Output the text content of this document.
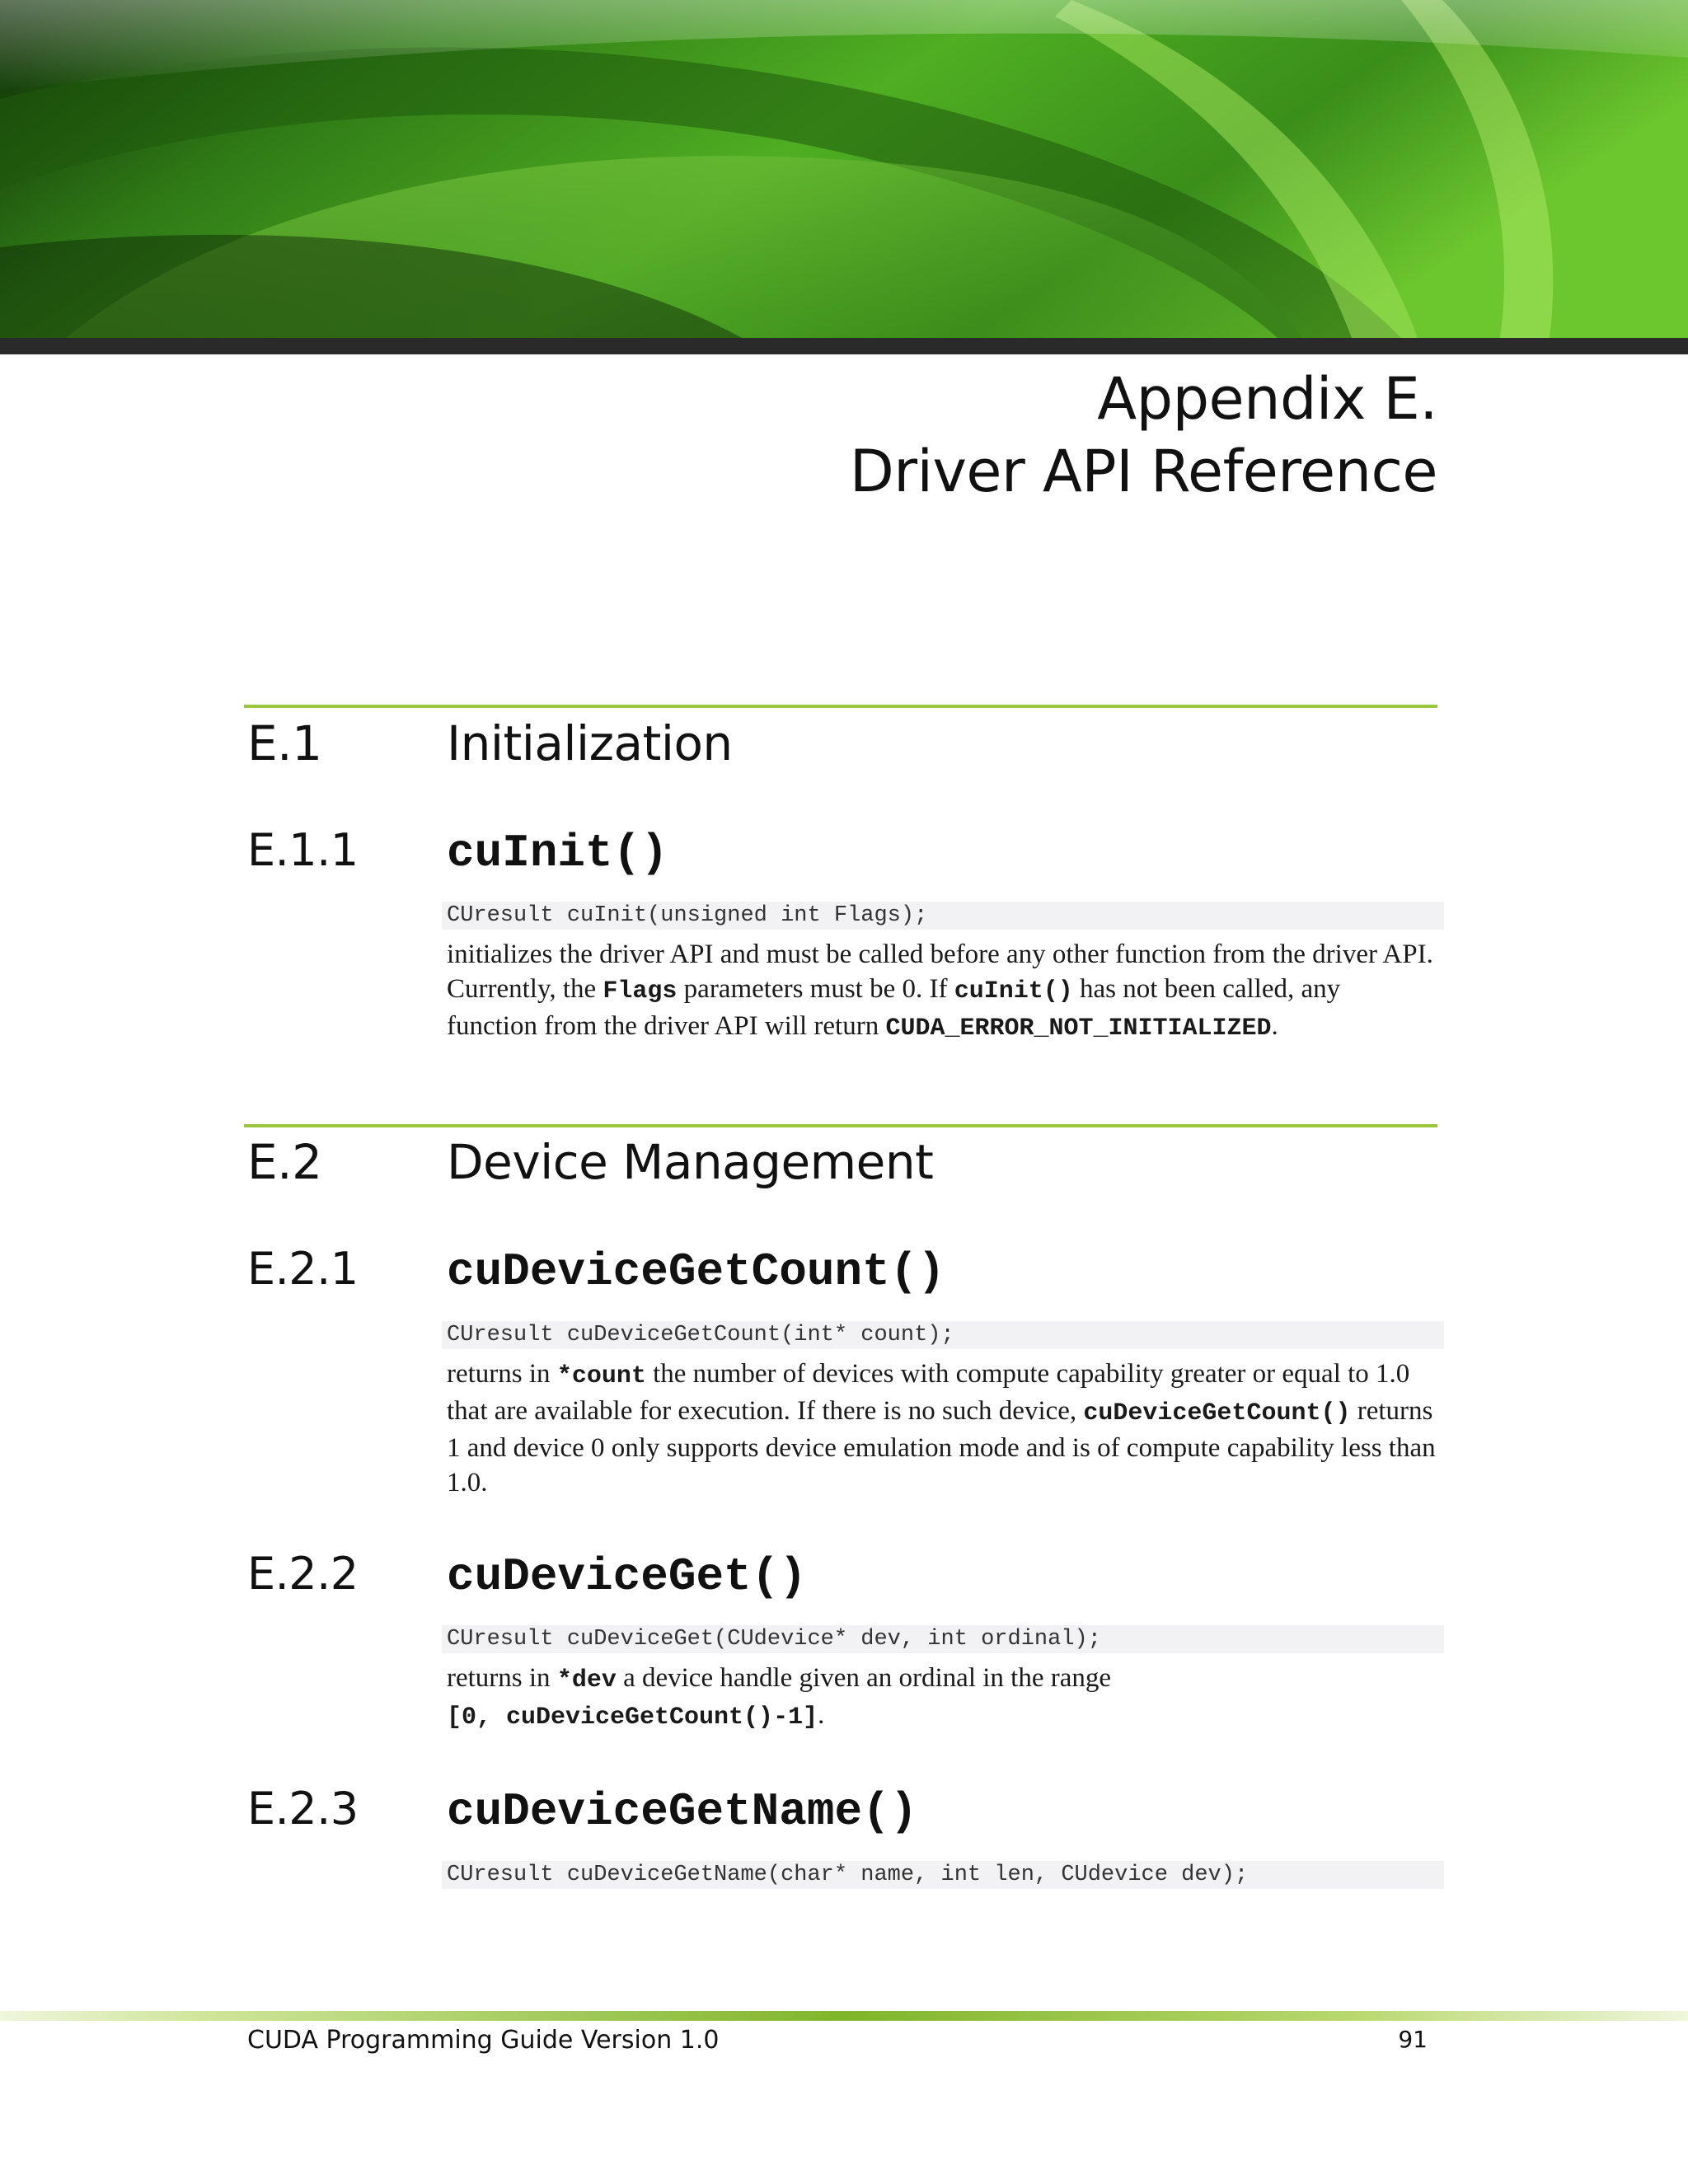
Appendix E.
Driver API Reference
E.1	Initialization
E.1.1 cuInit()
CUresult cuInit(unsigned int Flags);
initializes the driver API and must be called before any other function from the driver API. Currently, the Flags parameters must be 0. If cuInit() has not been called, any function from the driver API will return CUDA_ERROR_NOT_INITIALIZED.
E.2	Device Management
E.2.1 cuDeviceGetCount()
CUresult cuDeviceGetCount(int* count);
returns in *count the number of devices with compute capability greater or equal to 1.0 that are available for execution. If there is no such device, cuDeviceGetCount() returns 1 and device 0 only supports device emulation mode and is of compute capability less than 1.0.
E.2.2 cuDeviceGet()
CUresult cuDeviceGet(CUdevice* dev, int ordinal);
returns in *dev a device handle given an ordinal in the range
[0, cuDeviceGetCount()-1].
E.2.3 cuDeviceGetName()
CUresult cuDeviceGetName(char* name, int len, CUdevice dev);
CUDA Programming Guide Version 1.0	91
